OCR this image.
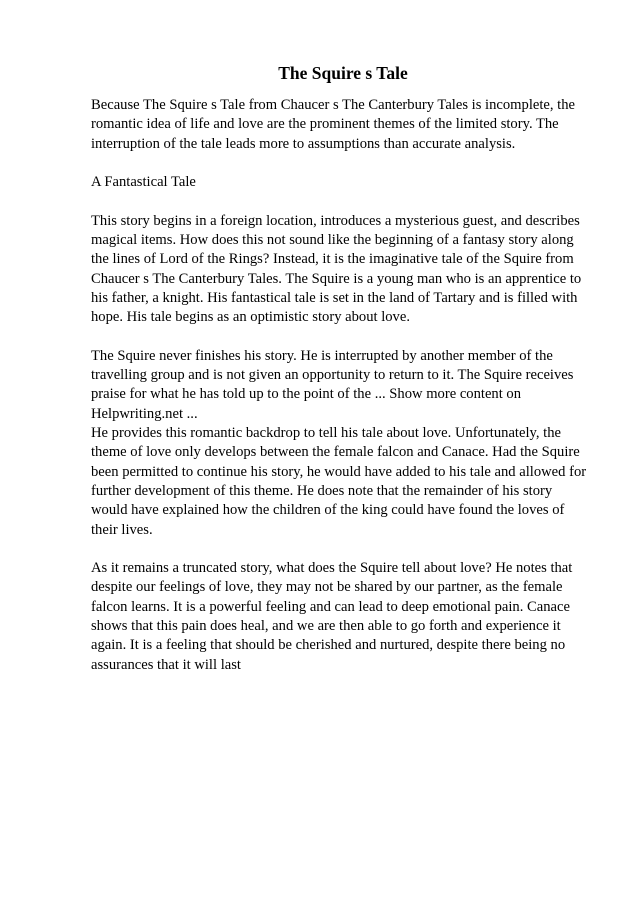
The Squire s Tale

Because The Squire s Tale from Chaucer s The Canterbury Tales is incomplete, the romantic idea of life and love are the prominent themes of the limited story. The interruption of the tale leads more to assumptions than accurate analysis.

A Fantastical Tale

This story begins in a foreign location, introduces a mysterious guest, and describes magical items. How does this not sound like the beginning of a fantasy story along the lines of Lord of the Rings? Instead, it is the imaginative tale of the Squire from Chaucer s The Canterbury Tales. The Squire is a young man who is an apprentice to his father, a knight. His fantastical tale is set in the land of Tartary and is filled with hope. His tale begins as an optimistic story about love.

The Squire never finishes his story. He is interrupted by another member of the travelling group and is not given an opportunity to return to it. The Squire receives praise for what he has told up to the point of the ... Show more content on Helpwriting.net ...

He provides this romantic backdrop to tell his tale about love. Unfortunately, the theme of love only develops between the female falcon and Canace. Had the Squire been permitted to continue his story, he would have added to his tale and allowed for further development of this theme. He does note that the remainder of his story would have explained how the children of the king could have found the loves of their lives.

As it remains a truncated story, what does the Squire tell about love? He notes that despite our feelings of love, they may not be shared by our partner, as the female falcon learns. It is a powerful feeling and can lead to deep emotional pain. Canace shows that this pain does heal, and we are then able to go forth and experience it again. It is a feeling that should be cherished and nurtured, despite there being no assurances that it will last
